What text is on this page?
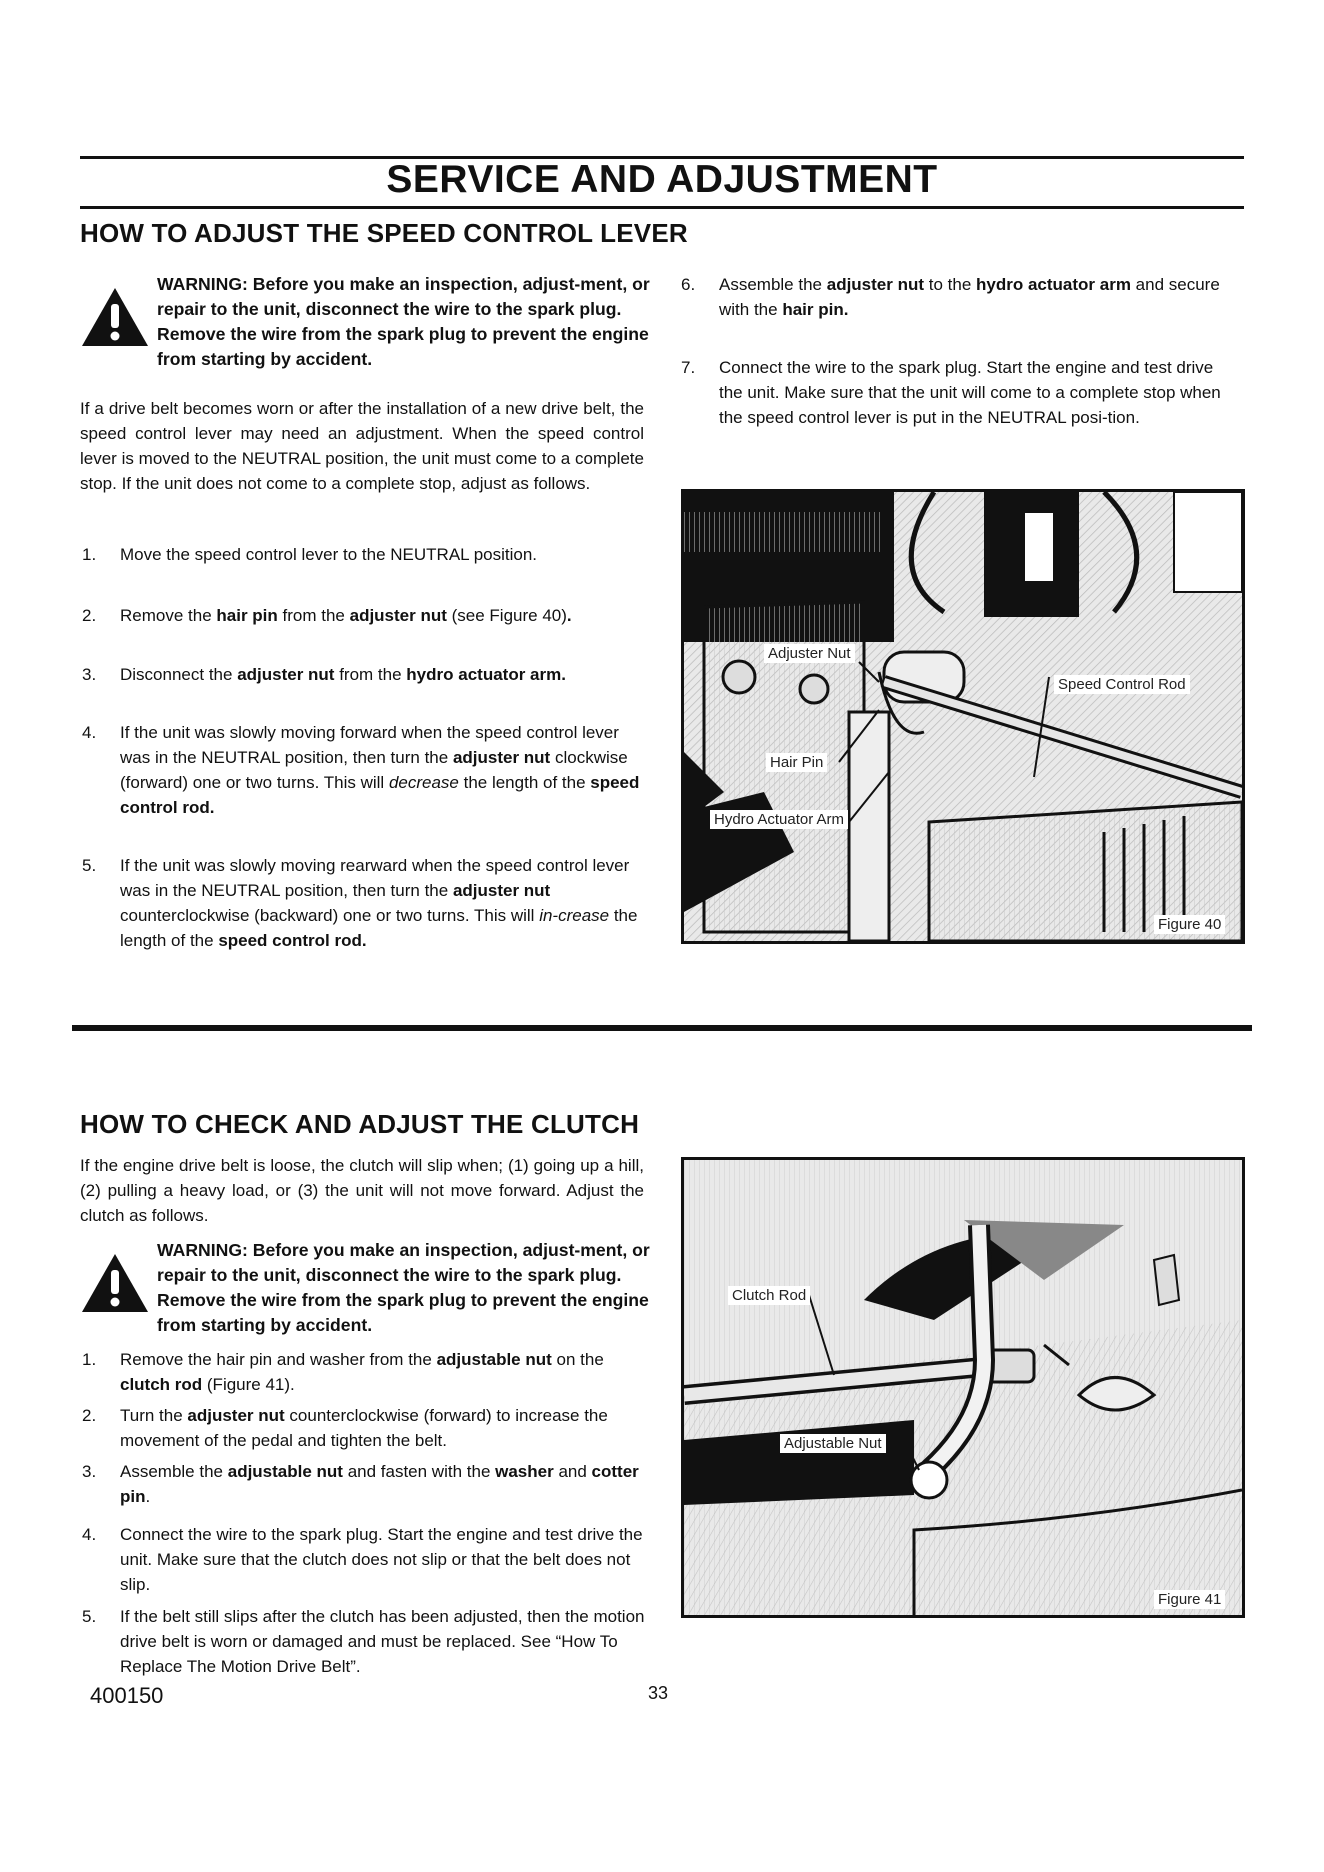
SERVICE AND ADJUSTMENT
HOW TO ADJUST THE SPEED CONTROL LEVER
WARNING: Before you make an inspection, adjust-ment, or repair to the unit, disconnect the wire to the spark plug. Remove the wire from the spark plug to prevent the engine from starting by accident.

If a drive belt becomes worn or after the installation of a new drive belt, the speed control lever may need an adjustment. When the speed control lever is moved to the NEUTRAL position, the unit must come to a complete stop. If the unit does not come to a complete stop, adjust as follows.

1. Move the speed control lever to the NEUTRAL position.
2. Remove the hair pin from the adjuster nut (see Figure 40).
3. Disconnect the adjuster nut from the hydro actuator arm.
4. If the unit was slowly moving forward when the speed control lever was in the NEUTRAL position, then turn the adjuster nut clockwise (forward) one or two turns. This will decrease the length of the speed control rod.
5. If the unit was slowly moving rearward when the speed control lever was in the NEUTRAL position, then turn the adjuster nut counterclockwise (backward) one or two turns. This will in-crease the length of the speed control rod.
6. Assemble the adjuster nut to the hydro actuator arm and secure with the hair pin.
7. Connect the wire to the spark plug. Start the engine and test drive the unit. Make sure that the unit will come to a complete stop when the speed control lever is put in the NEUTRAL posi-tion.
Adjuster Nut
Speed Control Rod
Hair Pin
Hydro Actuator Arm
Figure 40
HOW TO CHECK AND ADJUST THE CLUTCH

If the engine drive belt is loose, the clutch will slip when; (1) going up a hill, (2) pulling a heavy load, or (3) the unit will not move forward. Adjust the clutch as follows.

WARNING: Before you make an inspection, adjust-ment, or repair to the unit, disconnect the wire to the spark plug. Remove the wire from the spark plug to prevent the engine from starting by accident.
1. Remove the hair pin and washer from the adjustable nut on the clutch rod (Figure 41).
2. Turn the adjuster nut counterclockwise (forward) to increase the movement of the pedal and tighten the belt.
3. Assemble the adjustable nut and fasten with the washer and cotter pin.
4. Connect the wire to the spark plug. Start the engine and test drive the unit. Make sure that the clutch does not slip or that the belt does not slip.
5. If the belt still slips after the clutch has been adjusted, then the motion drive belt is worn or damaged and must be replaced. See “How To Replace The Motion Drive Belt”.
Clutch Rod
Adjustable Nut
Figure 41
400150	33
